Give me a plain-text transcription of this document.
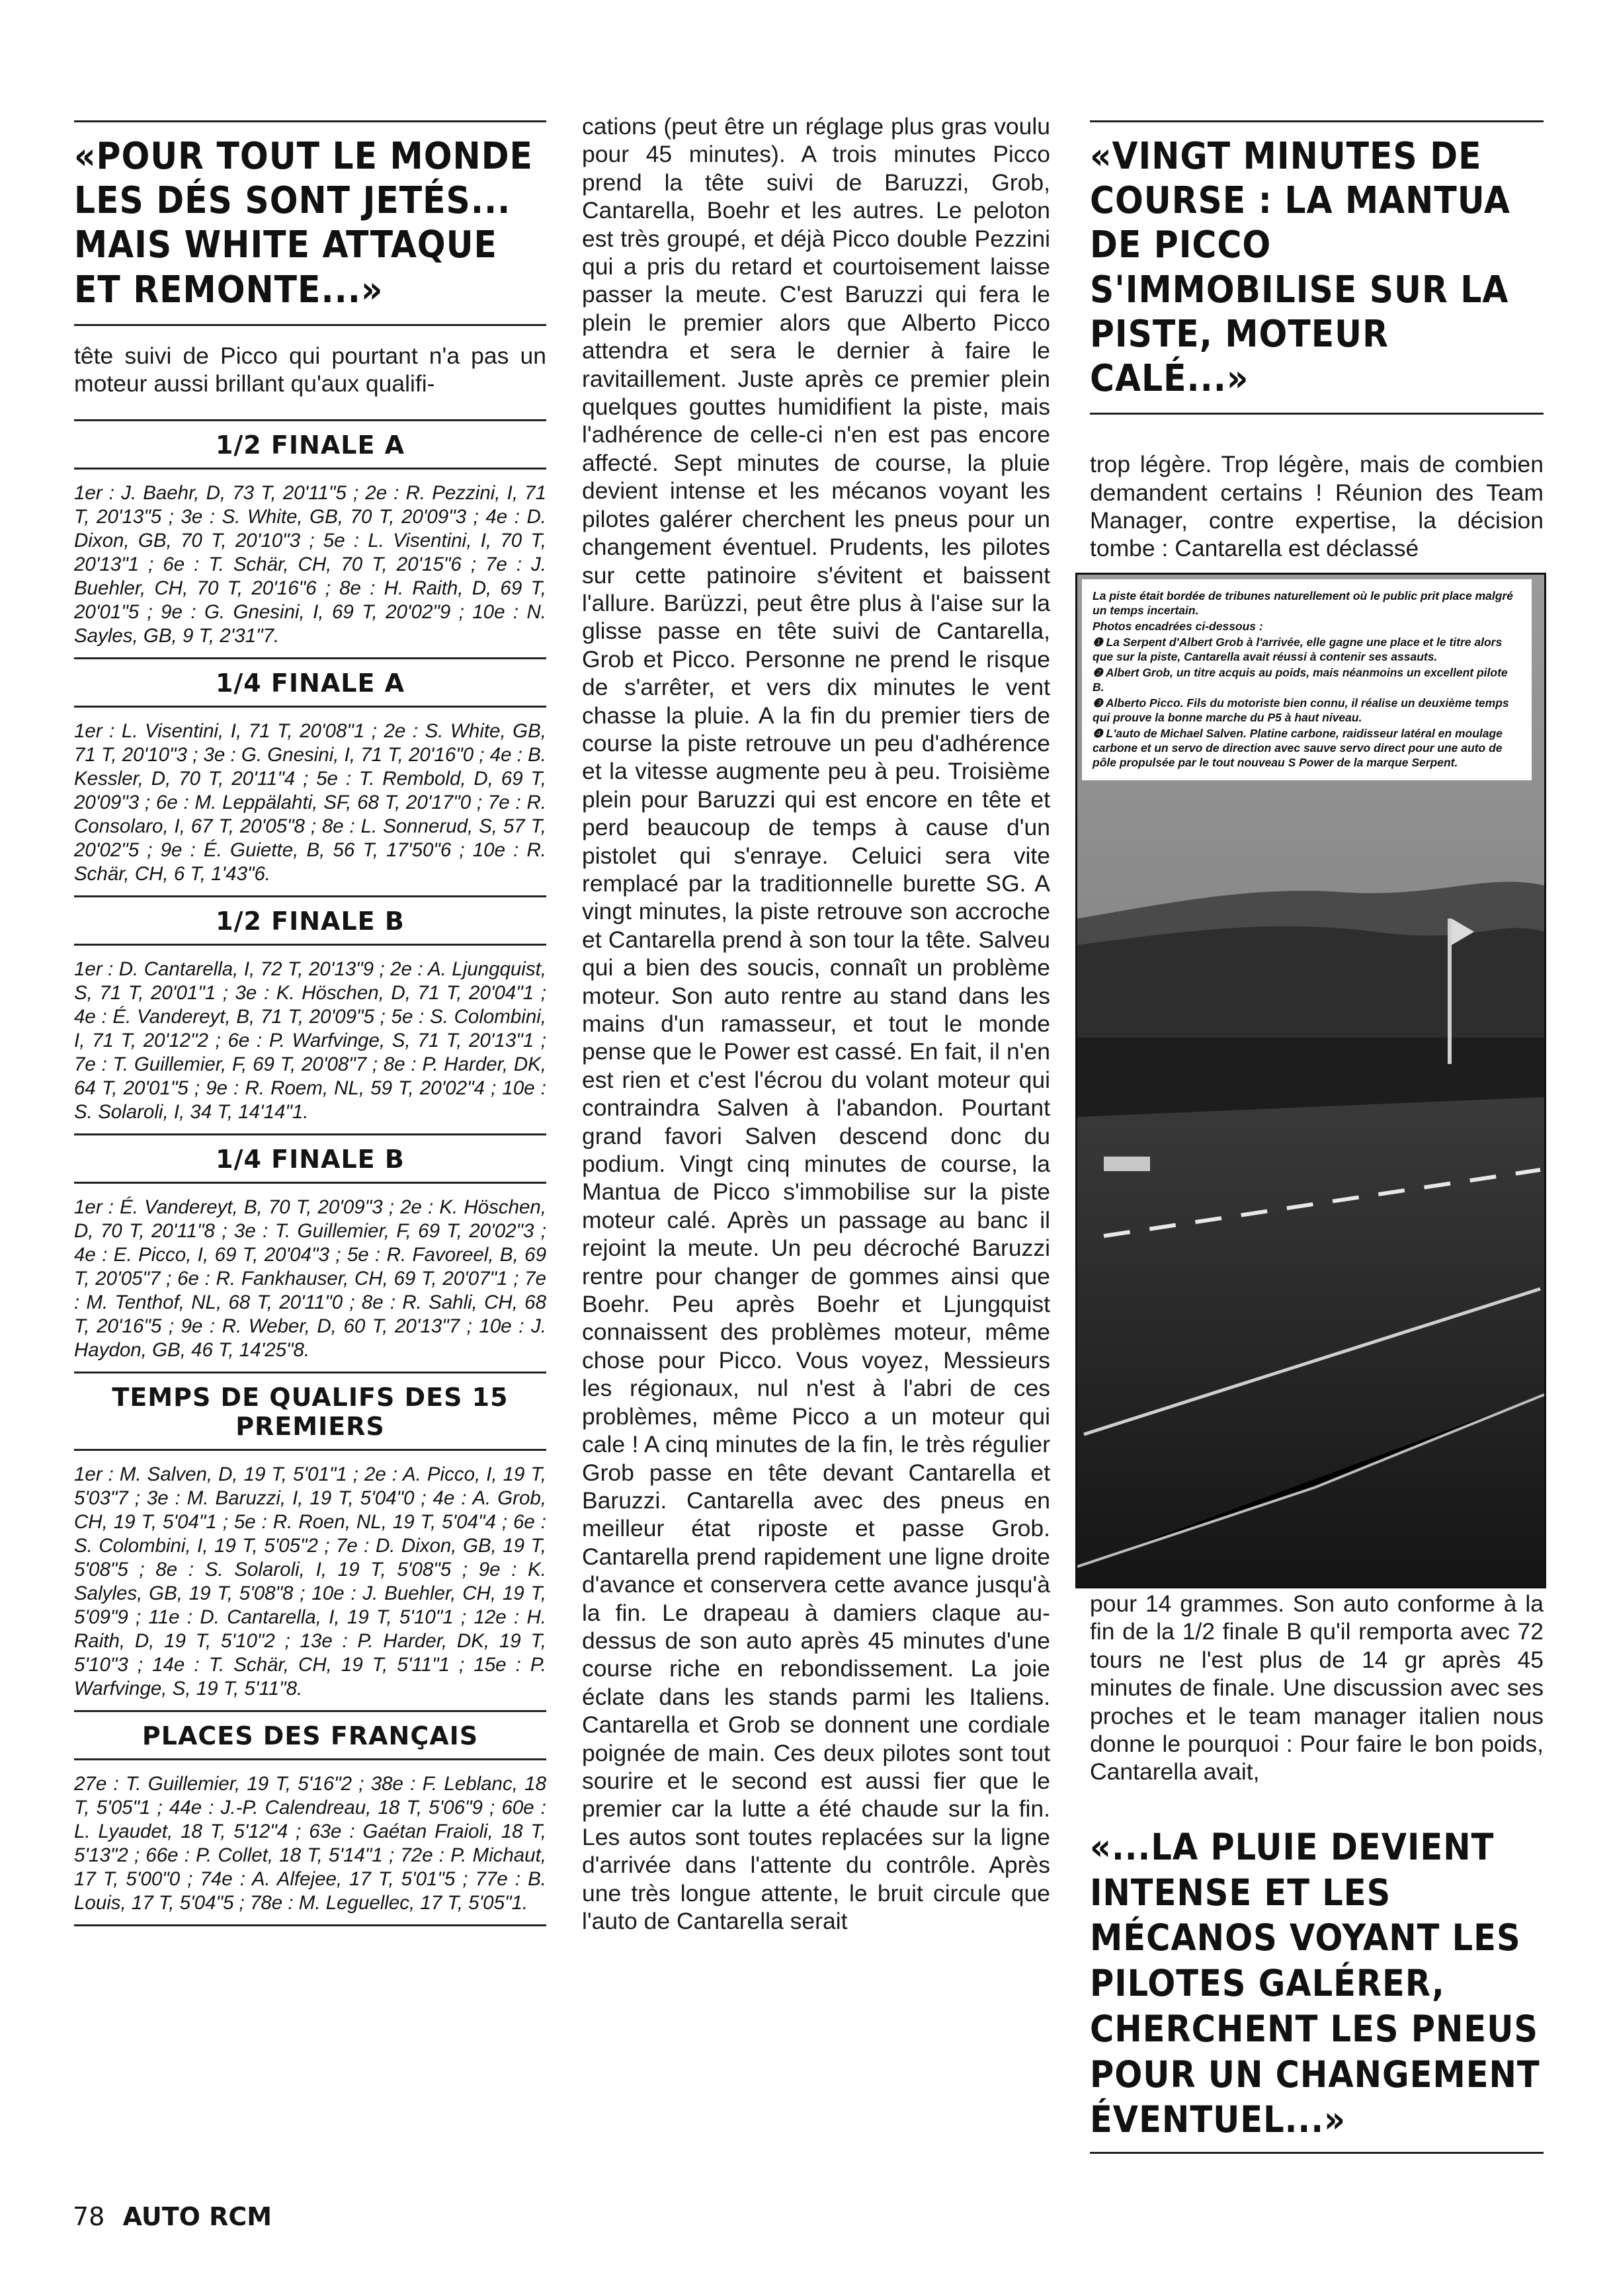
«POUR TOUT LE MONDE LES DÉS SONT JETÉS... MAIS WHITE ATTAQUE ET REMONTE...»

tête suivi de Picco qui pourtant n'a pas un moteur aussi brillant qu'aux qualifi-

1/2 FINALE A

1er : J. Baehr, D, 73 T, 20'11"5 ; 2e : R. Pezzini, I, 71 T, 20'13"5 ; 3e : S. White, GB, 70 T, 20'09"3 ; 4e : D. Dixon, GB, 70 T, 20'10"3 ; 5e : L. Visentini, I, 70 T, 20'13"1 ; 6e : T. Schär, CH, 70 T, 20'15"6 ; 7e : J. Buehler, CH, 70 T, 20'16"6 ; 8e : H. Raith, D, 69 T, 20'01"5 ; 9e : G. Gnesini, I, 69 T, 20'02"9 ; 10e : N. Sayles, GB, 9 T, 2'31"7.

1/4 FINALE A

1er : L. Visentini, I, 71 T, 20'08"1 ; 2e : S. White, GB, 71 T, 20'10"3 ; 3e : G. Gnesini, I, 71 T, 20'16"0 ; 4e : B. Kessler, D, 70 T, 20'11"4 ; 5e : T. Rembold, D, 69 T, 20'09"3 ; 6e : M. Leppälahti, SF, 68 T, 20'17"0 ; 7e : R. Consolaro, I, 67 T, 20'05"8 ; 8e : L. Sonnerud, S, 57 T, 20'02"5 ; 9e : É. Guiette, B, 56 T, 17'50"6 ; 10e : R. Schär, CH, 6 T, 1'43"6.

1/2 FINALE B

1er : D. Cantarella, I, 72 T, 20'13"9 ; 2e : A. Ljungquist, S, 71 T, 20'01"1 ; 3e : K. Höschen, D, 71 T, 20'04"1 ; 4e : É. Vandereyt, B, 71 T, 20'09"5 ; 5e : S. Colombini, I, 71 T, 20'12"2 ; 6e : P. Warfvinge, S, 71 T, 20'13"1 ; 7e : T. Guillemier, F, 69 T, 20'08"7 ; 8e : P. Harder, DK, 64 T, 20'01"5 ; 9e : R. Roem, NL, 59 T, 20'02"4 ; 10e : S. Solaroli, I, 34 T, 14'14"1.

1/4 FINALE B

1er : É. Vandereyt, B, 70 T, 20'09"3 ; 2e : K. Höschen, D, 70 T, 20'11"8 ; 3e : T. Guillemier, F, 69 T, 20'02"3 ; 4e : E. Picco, I, 69 T, 20'04"3 ; 5e : R. Favoreel, B, 69 T, 20'05"7 ; 6e : R. Fankhauser, CH, 69 T, 20'07"1 ; 7e : M. Tenthof, NL, 68 T, 20'11"0 ; 8e : R. Sahli, CH, 68 T, 20'16"5 ; 9e : R. Weber, D, 60 T, 20'13"7 ; 10e : J. Haydon, GB, 46 T, 14'25"8.

TEMPS DE QUALIFS DES 15 PREMIERS

1er : M. Salven, D, 19 T, 5'01"1 ; 2e : A. Picco, I, 19 T, 5'03"7 ; 3e : M. Baruzzi, I, 19 T, 5'04"0 ; 4e : A. Grob, CH, 19 T, 5'04"1 ; 5e : R. Roen, NL, 19 T, 5'04"4 ; 6e : S. Colombini, I, 19 T, 5'05"2 ; 7e : D. Dixon, GB, 19 T, 5'08"5 ; 8e : S. Solaroli, I, 19 T, 5'08"5 ; 9e : K. Salyles, GB, 19 T, 5'08"8 ; 10e : J. Buehler, CH, 19 T, 5'09"9 ; 11e : D. Cantarella, I, 19 T, 5'10"1 ; 12e : H. Raith, D, 19 T, 5'10"2 ; 13e : P. Harder, DK, 19 T, 5'10"3 ; 14e : T. Schär, CH, 19 T, 5'11"1 ; 15e : P. Warfvinge, S, 19 T, 5'11"8.

PLACES DES FRANÇAIS

27e : T. Guillemier, 19 T, 5'16"2 ; 38e : F. Leblanc, 18 T, 5'05"1 ; 44e : J.-P. Calendreau, 18 T, 5'06"9 ; 60e : L. Lyaudet, 18 T, 5'12"4 ; 63e : Gaétan Fraioli, 18 T, 5'13"2 ; 66e : P. Collet, 18 T, 5'14"1 ; 72e : P. Michaut, 17 T, 5'00"0 ; 74e : A. Alfejee, 17 T, 5'01"5 ; 77e : B. Louis, 17 T, 5'04"5 ; 78e : M. Leguellec, 17 T, 5'05"1.

cations (peut être un réglage plus gras voulu pour 45 minutes). A trois minutes Picco prend la tête suivi de Baruzzi, Grob, Cantarella, Boehr et les autres. Le peloton est très groupé, et déjà Picco double Pezzini qui a pris du retard et courtoisement laisse passer la meute. C'est Baruzzi qui fera le plein le premier alors que Alberto Picco attendra et sera le dernier à faire le ravitaillement. Juste après ce premier plein quelques gouttes humidifient la piste, mais l'adhérence de celle-ci n'en est pas encore affecté. Sept minutes de course, la pluie devient intense et les mécanos voyant les pilotes galérer cherchent les pneus pour un changement éventuel. Prudents, les pilotes sur cette patinoire s'évitent et baissent l'allure. Barüzzi, peut être plus à l'aise sur la glisse passe en tête suivi de Cantarella, Grob et Picco. Personne ne prend le risque de s'arrêter, et vers dix minutes le vent chasse la pluie. A la fin du premier tiers de course la piste retrouve un peu d'adhérence et la vitesse augmente peu à peu. Troisième plein pour Baruzzi qui est encore en tête et perd beaucoup de temps à cause d'un pistolet qui s'enraye. Celuici sera vite remplacé par la traditionnelle burette SG. A vingt minutes, la piste retrouve son accroche et Cantarella prend à son tour la tête. Salveu qui a bien des soucis, connaît un problème moteur. Son auto rentre au stand dans les mains d'un ramasseur, et tout le monde pense que le Power est cassé. En fait, il n'en est rien et c'est l'écrou du volant moteur qui contraindra Salven à l'abandon. Pourtant grand favori Salven descend donc du podium. Vingt cinq minutes de course, la Mantua de Picco s'immobilise sur la piste moteur calé. Après un passage au banc il rejoint la meute. Un peu décroché Baruzzi rentre pour changer de gommes ainsi que Boehr. Peu après Boehr et Ljungquist connaissent des problèmes moteur, même chose pour Picco. Vous voyez, Messieurs les régionaux, nul n'est à l'abri de ces problèmes, même Picco a un moteur qui cale ! A cinq minutes de la fin, le très régulier Grob passe en tête devant Cantarella et Baruzzi. Cantarella avec des pneus en meilleur état riposte et passe Grob. Cantarella prend rapidement une ligne droite d'avance et conservera cette avance jusqu'à la fin. Le drapeau à damiers claque au-dessus de son auto après 45 minutes d'une course riche en rebondissement. La joie éclate dans les stands parmi les Italiens. Cantarella et Grob se donnent une cordiale poignée de main. Ces deux pilotes sont tout sourire et le second est aussi fier que le premier car la lutte a été chaude sur la fin. Les autos sont toutes replacées sur la ligne d'arrivée dans l'attente du contrôle. Après une très longue attente, le bruit circule que l'auto de Cantarella serait

«VINGT MINUTES DE COURSE : LA MANTUA DE PICCO S'IMMOBILISE SUR LA PISTE, MOTEUR CALÉ...»

trop légère. Trop légère, mais de combien demandent certains ! Réunion des Team Manager, contre expertise, la décision tombe : Cantarella est déclassé

La piste était bordée de tribunes naturellement où le public prit place malgré un temps incertain.

Photos encadrées ci-dessous :

❶ La Serpent d'Albert Grob à l'arrivée, elle gagne une place et le titre alors que sur la piste, Cantarella avait réussi à contenir ses assauts.

❷ Albert Grob, un titre acquis au poids, mais néanmoins un excellent pilote B.

❸ Alberto Picco. Fils du motoriste bien connu, il réalise un deuxième temps qui prouve la bonne marche du P5 à haut niveau.

❹ L'auto de Michael Salven. Platine carbone, raidisseur latéral en moulage carbone et un servo de direction avec sauve servo direct pour une auto de pôle propulsée par le tout nouveau S Power de la marque Serpent.

pour 14 grammes. Son auto conforme à la fin de la 1/2 finale B qu'il remporta avec 72 tours ne l'est plus de 14 gr après 45 minutes de finale. Une discussion avec ses proches et le team manager italien nous donne le pourquoi : Pour faire le bon poids, Cantarella avait,

«...LA PLUIE DEVIENT INTENSE ET LES MÉCANOS VOYANT LES PILOTES GALÉRER, CHERCHENT LES PNEUS POUR UN CHANGEMENT ÉVENTUEL...»
78 AUTO RCM
